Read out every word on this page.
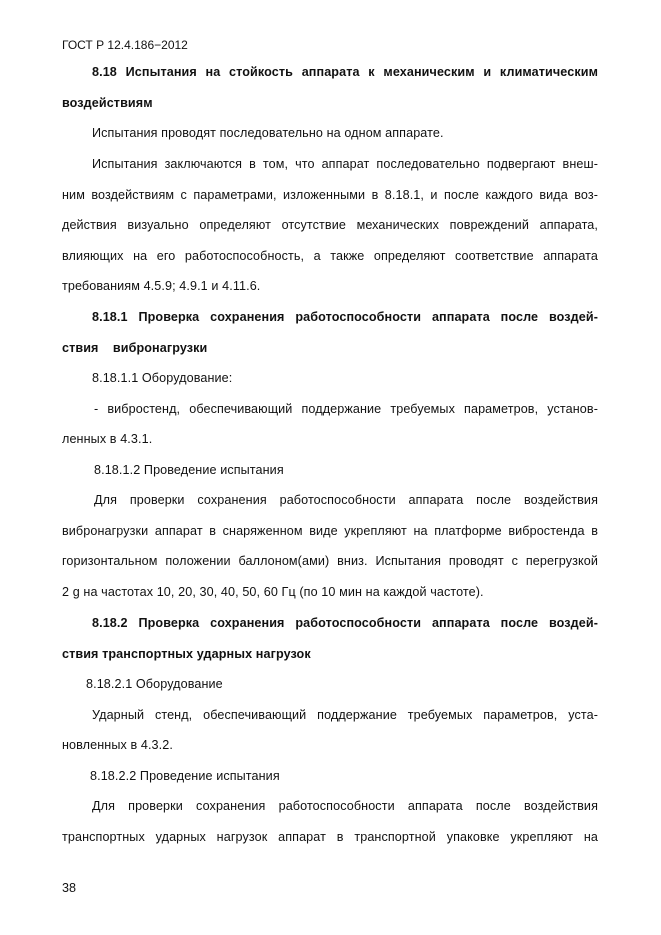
ГОСТ Р 12.4.186−2012
8.18 Испытания на стойкость аппарата к механическим и климатическим
воздействиям
Испытания проводят последовательно на одном аппарате.
Испытания заключаются в том, что аппарат последовательно подвергают внеш-
ним воздействиям с параметрами, изложенными в 8.18.1, и после каждого вида воз-
действия визуально определяют отсутствие механических повреждений аппарата,
влияющих на его работоспособность, а также определяют соответствие аппарата
требованиям 4.5.9; 4.9.1 и 4.11.6.
8.18.1 Проверка сохранения работоспособности аппарата после воздей-
ствия    вибронагрузки
8.18.1.1 Оборудование:
- вибростенд, обеспечивающий поддержание требуемых параметров, установ-
ленных в 4.3.1.
8.18.1.2 Проведение испытания
Для проверки сохранения работоспособности аппарата после воздействия
вибронагрузки аппарат в снаряженном виде укрепляют на платформе вибростенда в
горизонтальном положении баллоном(ами) вниз. Испытания проводят с перегрузкой
2 g на частотах 10, 20, 30, 40, 50, 60 Гц (по 10 мин на каждой частоте).
8.18.2 Проверка сохранения работоспособности аппарата после воздей-
ствия транспортных ударных нагрузок
8.18.2.1 Оборудование
Ударный стенд, обеспечивающий поддержание требуемых параметров, уста-
новленных в 4.3.2.
8.18.2.2 Проведение испытания
Для проверки сохранения работоспособности аппарата после воздействия
транспортных ударных нагрузок аппарат в транспортной упаковке укрепляют на
38
